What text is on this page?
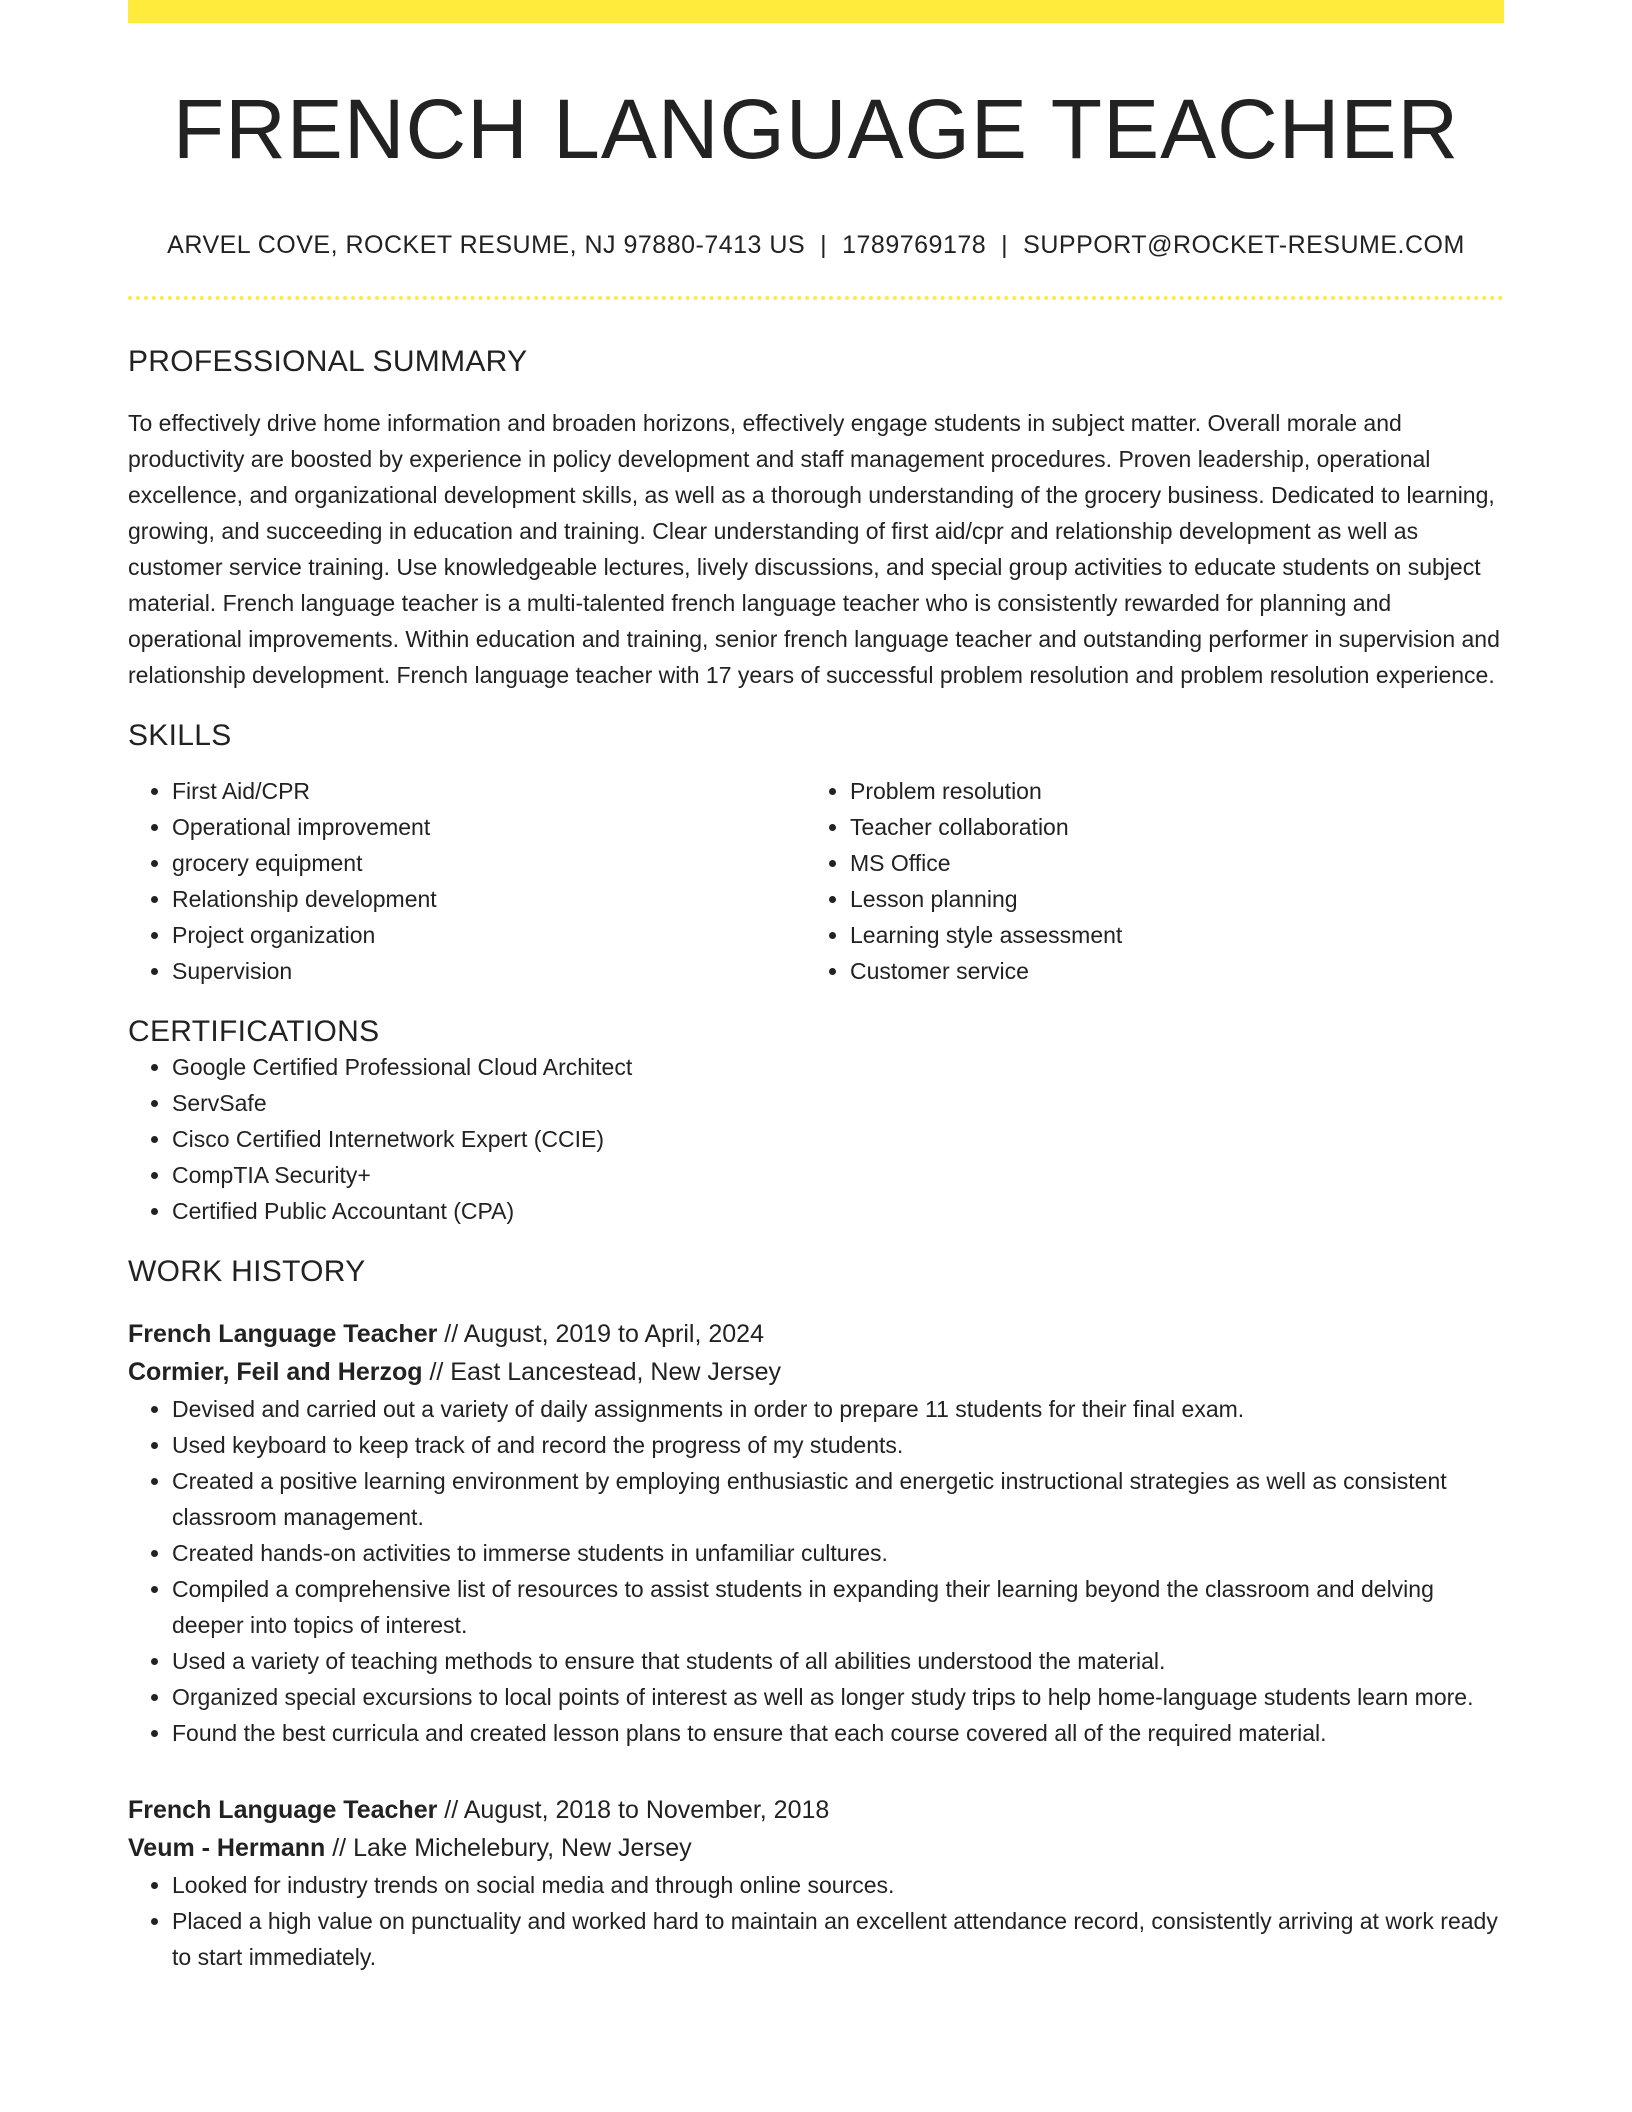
FRENCH LANGUAGE TEACHER
ARVEL COVE, ROCKET RESUME, NJ 97880-7413 US | 1789769178 | SUPPORT@ROCKET-RESUME.COM
PROFESSIONAL SUMMARY
To effectively drive home information and broaden horizons, effectively engage students in subject matter. Overall morale and productivity are boosted by experience in policy development and staff management procedures. Proven leadership, operational excellence, and organizational development skills, as well as a thorough understanding of the grocery business. Dedicated to learning, growing, and succeeding in education and training. Clear understanding of first aid/cpr and relationship development as well as customer service training. Use knowledgeable lectures, lively discussions, and special group activities to educate students on subject material. French language teacher is a multi-talented french language teacher who is consistently rewarded for planning and operational improvements. Within education and training, senior french language teacher and outstanding performer in supervision and relationship development. French language teacher with 17 years of successful problem resolution and problem resolution experience.
SKILLS
• First Aid/CPR
• Operational improvement
• grocery equipment
• Relationship development
• Project organization
• Supervision
• Problem resolution
• Teacher collaboration
• MS Office
• Lesson planning
• Learning style assessment
• Customer service
CERTIFICATIONS
• Google Certified Professional Cloud Architect
• ServSafe
• Cisco Certified Internetwork Expert (CCIE)
• CompTIA Security+
• Certified Public Accountant (CPA)
WORK HISTORY
French Language Teacher // August, 2019 to April, 2024
Cormier, Feil and Herzog // East Lancestead, New Jersey
• Devised and carried out a variety of daily assignments in order to prepare 11 students for their final exam.
• Used keyboard to keep track of and record the progress of my students.
• Created a positive learning environment by employing enthusiastic and energetic instructional strategies as well as consistent classroom management.
• Created hands-on activities to immerse students in unfamiliar cultures.
• Compiled a comprehensive list of resources to assist students in expanding their learning beyond the classroom and delving deeper into topics of interest.
• Used a variety of teaching methods to ensure that students of all abilities understood the material.
• Organized special excursions to local points of interest as well as longer study trips to help home-language students learn more.
• Found the best curricula and created lesson plans to ensure that each course covered all of the required material.
French Language Teacher // August, 2018 to November, 2018
Veum - Hermann // Lake Michelebury, New Jersey
• Looked for industry trends on social media and through online sources.
• Placed a high value on punctuality and worked hard to maintain an excellent attendance record, consistently arriving at work ready to start immediately.
